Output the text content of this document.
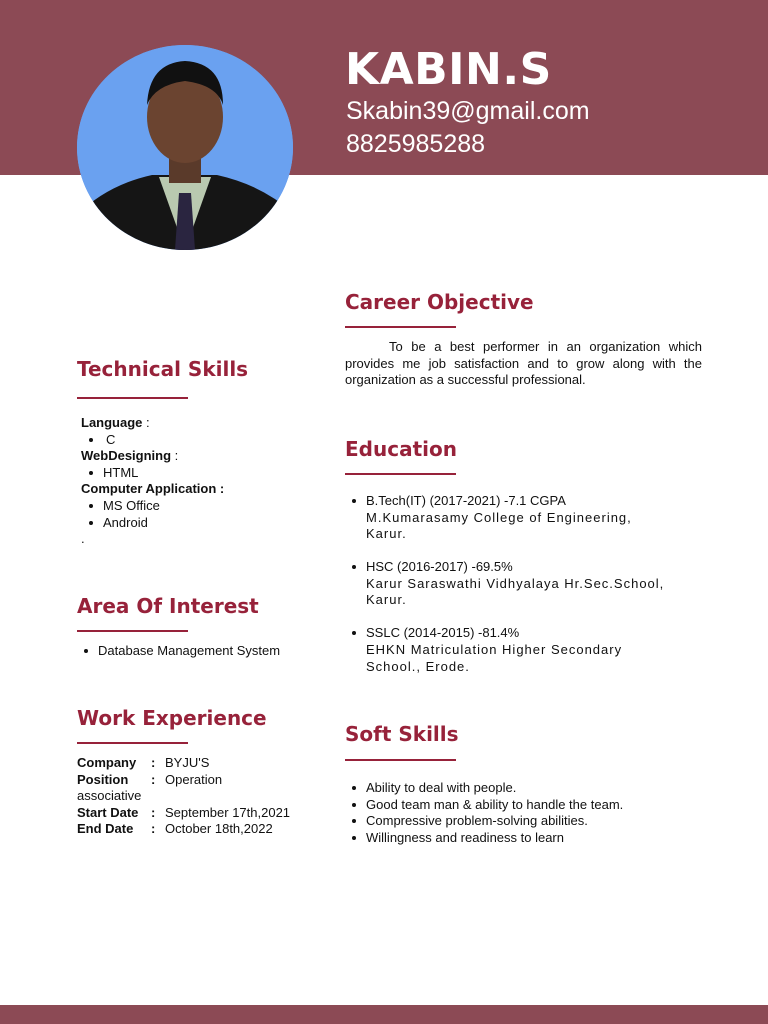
KABIN.S
Skabin39@gmail.com
8825985288
Career Objective
To be a best performer in an organization which provides me job satisfaction and to grow along with the organization as a successful professional.
Technical Skills
Language :
C
WebDesigning :
HTML
Computer Application :
MS Office
Android
.
Area Of Interest
Database Management System
Work Experience
Company	: BYJU'S
Position	: Operation
associative
Start Date : September 17th,2021
End Date	: October 18th,2022
Education
B.Tech(IT) (2017-2021) -7.1 CGPA
M.Kumarasamy College of Engineering,
Karur.
HSC (2016-2017) -69.5%
Karur Saraswathi Vidhyalaya Hr.Sec.School,
Karur.
SSLC (2014-2015) -81.4%
EHKN Matriculation Higher Secondary
School., Erode.
Soft Skills
Ability to deal with people.
Good team man & ability to handle the team.
Compressive problem-solving abilities.
Willingness and readiness to learn
